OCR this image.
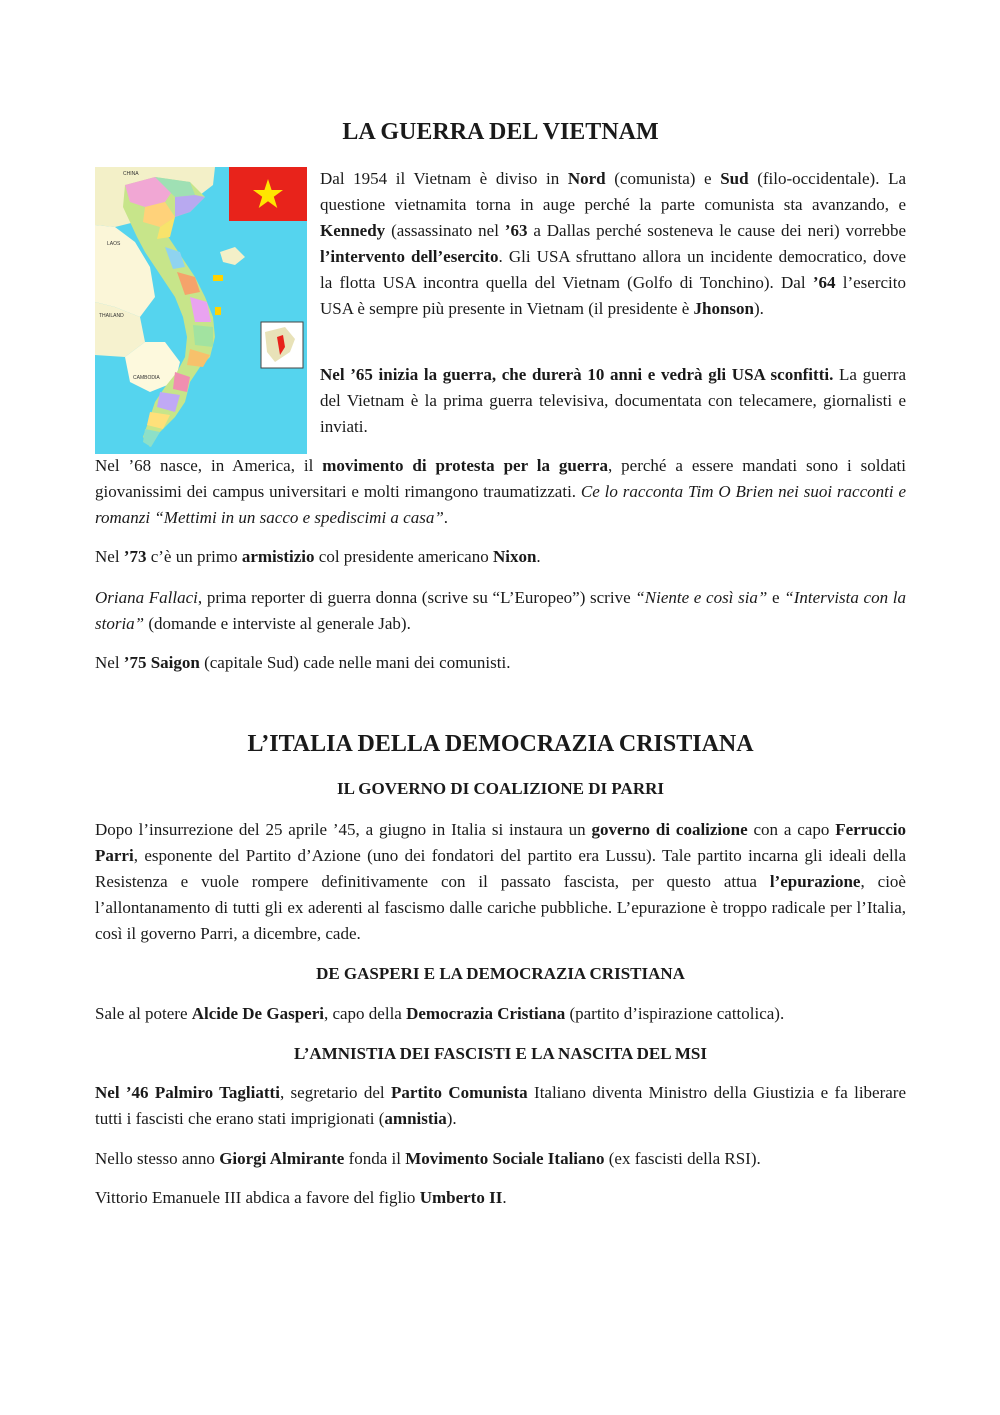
LA GUERRA DEL VIETNAM
CHINA
LAOS
THAILAND
CAMBODIA

Dal 1954 il Vietnam è diviso in Nord (comunista) e Sud (filo-occidentale). La questione vietnamita torna in auge perché la parte comunista sta avanzando, e Kennedy (assassinato nel ’63 a Dallas perché sosteneva le cause dei neri) vorrebbe l’intervento dell’esercito. Gli USA sfruttano allora un incidente democratico, dove la flotta USA incontra quella del Vietnam (Golfo di Tonchino). Dal ’64 l’esercito USA è sempre più presente in Vietnam (il presidente è Jhonson).

Nel ’65 inizia la guerra, che durerà 10 anni e vedrà gli USA sconfitti. La guerra del Vietnam è la prima guerra televisiva, documentata con telecamere, giornalisti e inviati.

Nel ’68 nasce, in America, il movimento di protesta per la guerra, perché a essere mandati sono i soldati giovanissimi dei campus universitari e molti rimangono traumatizzati. Ce lo racconta Tim O Brien nei suoi racconti e romanzi “Mettimi in un sacco e spediscimi a casa”.

Nel ’73 c’è un primo armistizio col presidente americano Nixon.

Oriana Fallaci, prima reporter di guerra donna (scrive su “L’Europeo”) scrive “Niente e così sia” e “Intervista con la storia” (domande e interviste al generale Jab).

Nel ’75 Saigon (capitale Sud) cade nelle mani dei comunisti.

L’ITALIA DELLA DEMOCRAZIA CRISTIANA
IL GOVERNO DI COALIZIONE DI PARRI

Dopo l’insurrezione del 25 aprile ’45, a giugno in Italia si instaura un governo di coalizione con a capo Ferruccio Parri, esponente del Partito d’Azione (uno dei fondatori del partito era Lussu). Tale partito incarna gli ideali della Resistenza e vuole rompere definitivamente con il passato fascista, per questo attua l’epurazione, cioè l’allontanamento di tutti gli ex aderenti al fascismo dalle cariche pubbliche. L’epurazione è troppo radicale per l’Italia, così il governo Parri, a dicembre, cade.

DE GASPERI E LA DEMOCRAZIA CRISTIANA

Sale al potere Alcide De Gasperi, capo della Democrazia Cristiana (partito d’ispirazione cattolica).

L’AMNISTIA DEI FASCISTI E LA NASCITA DEL MSI

Nel ’46 Palmiro Tagliatti, segretario del Partito Comunista Italiano diventa Ministro della Giustizia e fa liberare tutti i fascisti che erano stati imprigionati (amnistia).

Nello stesso anno Giorgi Almirante fonda il Movimento Sociale Italiano (ex fascisti della RSI).

Vittorio Emanuele III abdica a favore del figlio Umberto II.
